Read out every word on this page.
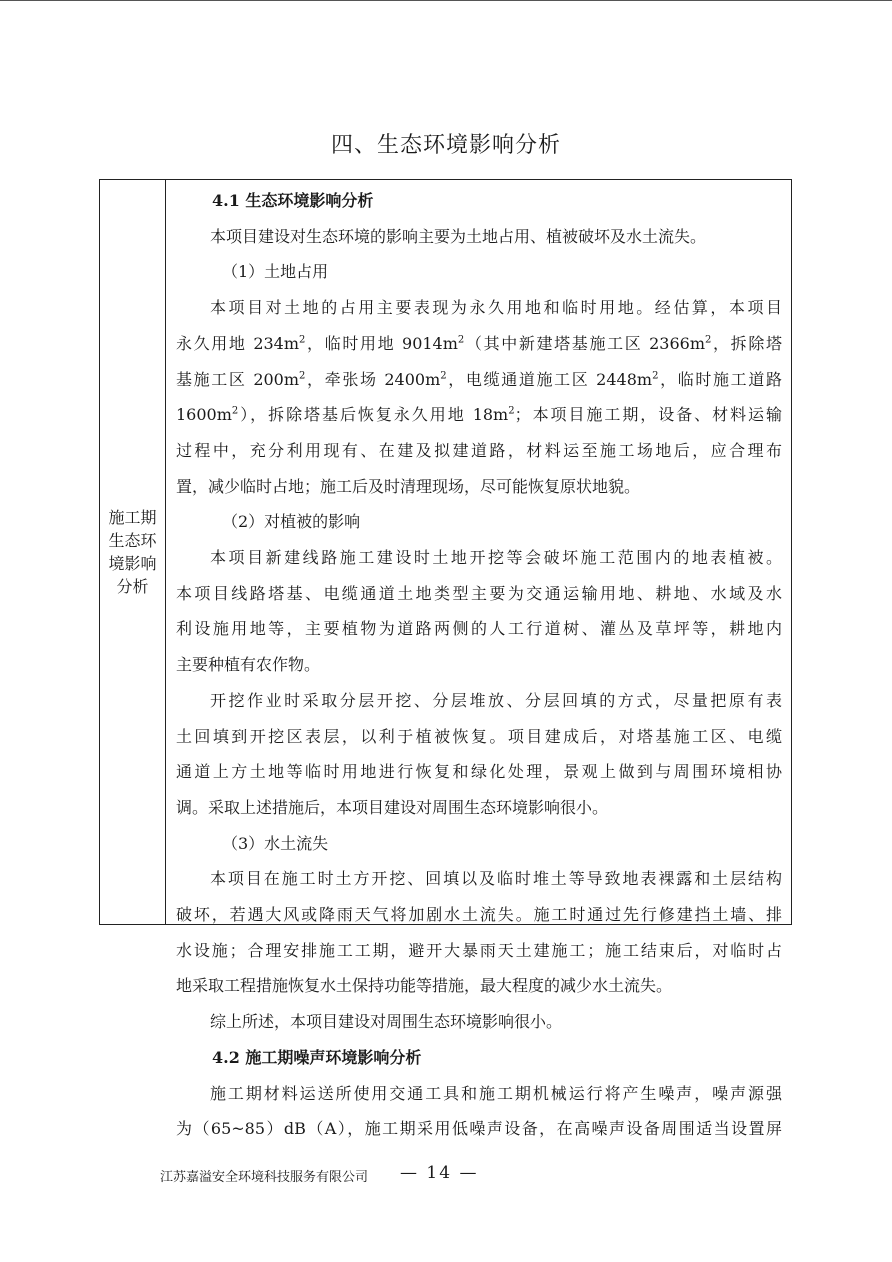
四、生态环境影响分析
施工期生态环境影响分析
4.1 生态环境影响分析
本项目建设对生态环境的影响主要为土地占用、植被破坏及水土流失。
（1）土地占用
本项目对土地的占用主要表现为永久用地和临时用地。经估算，本项目
永久用地 $234m^2$，临时用地 $9014m^2$（其中新建塔基施工区 $2366m^2$，拆除塔
基施工区 $200m^2$，牵张场 $2400m^2$，电缆通道施工区 $2448m^2$，临时施工道路
$1600m^2$），拆除塔基后恢复永久用地 $18m^2$；本项目施工期，设备、材料运输
过程中，充分利用现有、在建及拟建道路，材料运至施工场地后，应合理布
置，减少临时占地；施工后及时清理现场，尽可能恢复原状地貌。
（2）对植被的影响
本项目新建线路施工建设时土地开挖等会破坏施工范围内的地表植被。
本项目线路塔基、电缆通道土地类型主要为交通运输用地、耕地、水域及水
利设施用地等，主要植物为道路两侧的人工行道树、灌丛及草坪等，耕地内
主要种植有农作物。
开挖作业时采取分层开挖、分层堆放、分层回填的方式，尽量把原有表
土回填到开挖区表层，以利于植被恢复。项目建成后，对塔基施工区、电缆
通道上方土地等临时用地进行恢复和绿化处理，景观上做到与周围环境相协
调。采取上述措施后，本项目建设对周围生态环境影响很小。
（3）水土流失
本项目在施工时土方开挖、回填以及临时堆土等导致地表裸露和土层结构
破坏，若遇大风或降雨天气将加剧水土流失。施工时通过先行修建挡土墙、排
水设施；合理安排施工工期，避开大暴雨天土建施工；施工结束后，对临时占
地采取工程措施恢复水土保持功能等措施，最大程度的减少水土流失。
综上所述，本项目建设对周围生态环境影响很小。
4.2 施工期噪声环境影响分析
施工期材料运送所使用交通工具和施工期机械运行将产生噪声，噪声源强
为（65~85）dB（A），施工期采用低噪声设备，在高噪声设备周围适当设置屏
江苏嘉溢安全环境科技服务有限公司 — 14 —
